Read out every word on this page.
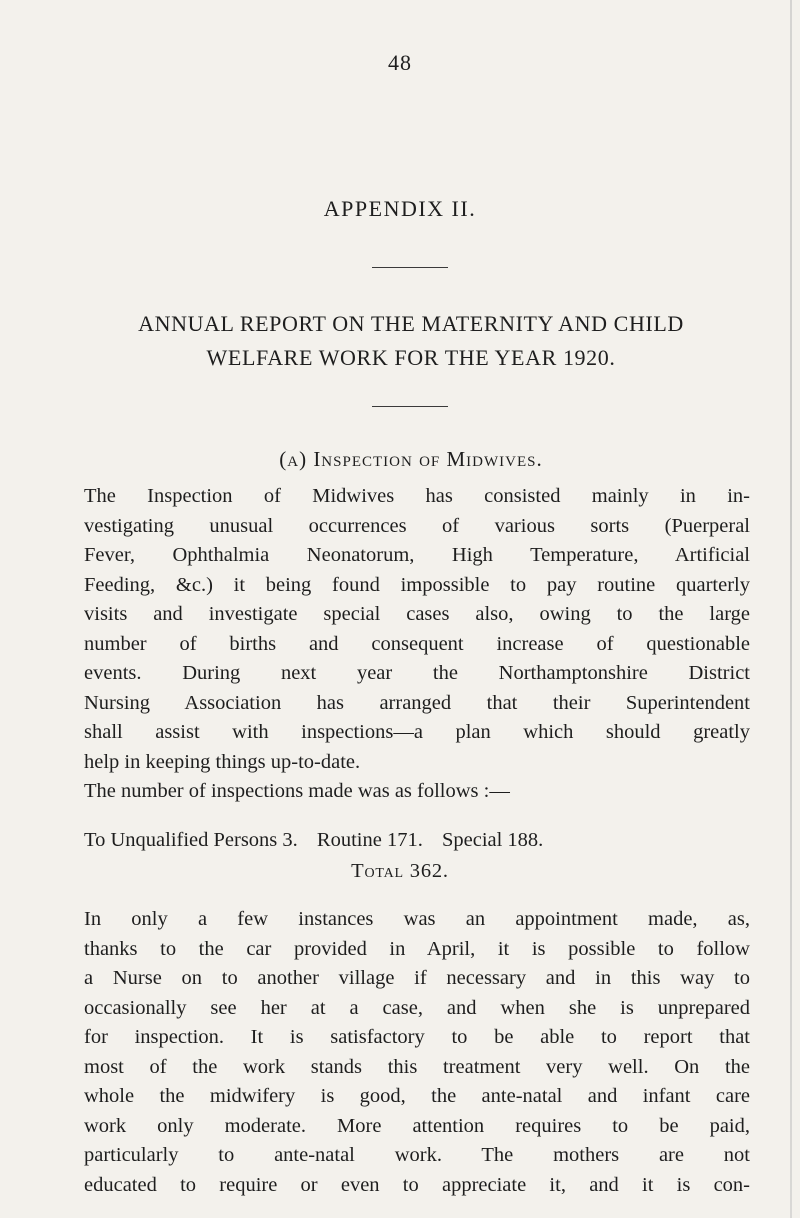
48
APPENDIX II.
ANNUAL REPORT ON THE MATERNITY AND CHILD
WELFARE WORK FOR THE YEAR 1920.
(a) Inspection of Midwives.
The Inspection of Midwives has consisted mainly in in-
vestigating unusual occurrences of various sorts (Puerperal
Fever, Ophthalmia Neonatorum, High Temperature, Artificial
Feeding, &c.) it being found impossible to pay routine quarterly
visits and investigate special cases also, owing to the large
number of births and consequent increase of questionable
events. During next year the Northamptonshire District
Nursing Association has arranged that their Superintendent
shall assist with inspections—a plan which should greatly
help in keeping things up-to-date.
The number of inspections made was as follows :—
To Unqualified Persons 3. Routine 171. Special 188.
Total 362.
In only a few instances was an appointment made, as,
thanks to the car provided in April, it is possible to follow
a Nurse on to another village if necessary and in this way to
occasionally see her at a case, and when she is unprepared
for inspection. It is satisfactory to be able to report that
most of the work stands this treatment very well. On the
whole the midwifery is good, the ante-natal and infant care
work only moderate. More attention requires to be paid,
particularly to ante-natal work. The mothers are not
educated to require or even to appreciate it, and it is con-
